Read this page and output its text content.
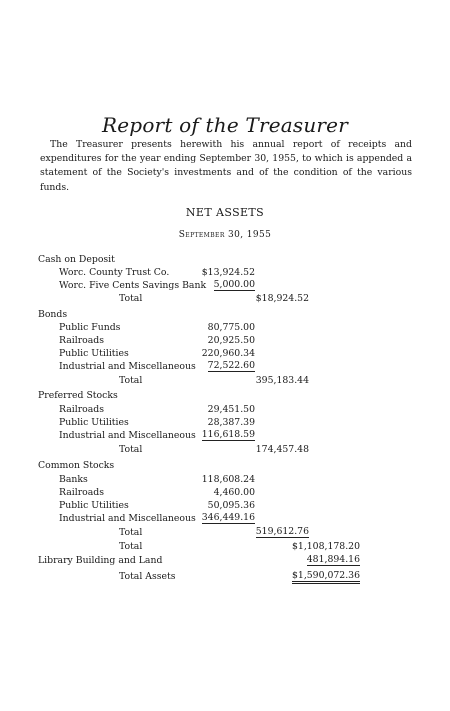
Report of the Treasurer
The Treasurer presents herewith his annual report of receipts and expenditures for the year ending September 30, 1955, to which is appended a statement of the Society's investments and of the condition of the various funds.
NET ASSETS
September 30, 1955
Cash on Deposit
Worc. County Trust Co.	$13,924.52
Worc. Five Cents Savings Bank 5,000.00
Total	$18,924.52
Bonds
Public Funds	80,775.00
Railroads	20,925.50
Public Utilities	220,960.34
Industrial and Miscellaneous 72,522.60
Total	395,183.44
Preferred Stocks
Railroads	29,451.50
Public Utilities	28,387.39
Industrial and Miscellaneous 116,618.59
Total	174,457.48
Common Stocks
Banks	118,608.24
Railroads	4,460.00
Public Utilities	50,095.36
Industrial and Miscellaneous 346,449.16
Total	519,612.76
Total	$1,108,178.20
Library Building and Land	481,894.16
Total Assets	$1,590,072.36
